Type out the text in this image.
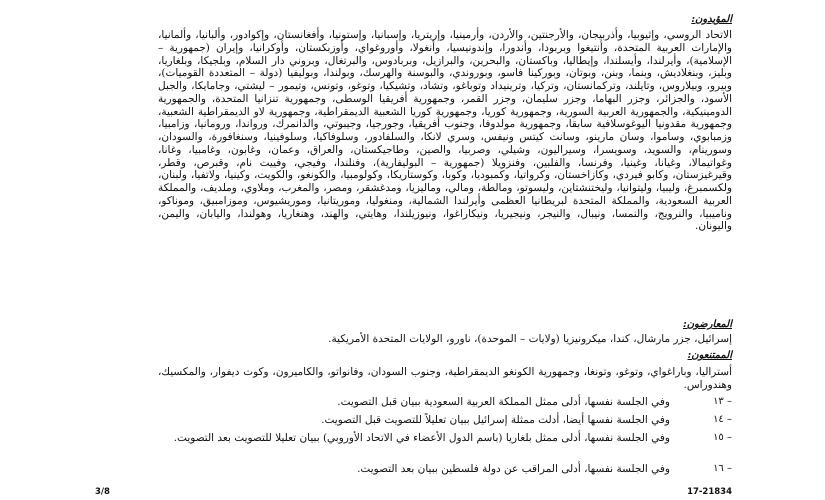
المؤيدون:

الاتحاد الروسي، وإثيوبيا، وأذربيجان، والأرجنتين، والأردن، وأرمينيا، وإريتريا، وإسبانيا، وإستونيا، وأفغانستان، وإكوادور، وألبانيا، وألمانيا، والإمارات العربية المتحدة، وأنتيغوا وبربودا، وأندورا، وإندونيسيا، وأنغولا، وأوروغواي، وأوزبكستان، وأوكرانيا، وإيران (جمهورية – الإسلامية)، وأيرلندا، وأيسلندا، وإيطاليا، وباكستان، والبحرين، والبرازيل، وبربادوس، والبرتغال، وبروني دار السلام، وبلجيكا، وبلغاريا، وبليز، وبنغلاديش، وبنما، وبنن، وبوتان، وبوركينا فاسو، وبوروندي، والبوسنة والهرسك، وبولندا، وبوليفيا (دولة – المتعددة القوميات)، وبيرو، وبيلاروس، وتايلند، وتركمانستان، وتركيا، وترينيداد وتوباغو، وتشاد، وتشيكيا، وتوغو، وتونس، وتيمور – ليشتي، وجامايكا، والجبل الأسود، والجزائر، وجزر البهاما، وجزر سليمان، وجزر القمر، وجمهورية أفريقيا الوسطى، وجمهورية تنزانيا المتحدة، والجمهورية الدومينيكية، والجمهورية العربية السورية، وجمهورية كوريا، وجمهورية كوريا الشعبية الديمقراطية، وجمهورية لاو الديمقراطية الشعبية، وجمهورية مقدونيا اليوغوسلافية سابقا، وجمهورية مولدوفا، وجنوب أفريقيا، وجورجيا، وجيبوتي، والدانمرك، ورواندا، ورومانيا، وزامبيا، وزمبابوي، وساموا، وسان مارينو، وسانت كيتس ونيفس، وسري لانكا، والسلفادور، وسلوفاكيا، وسلوفينيا، وسنغافورة، والسودان، وسورينام، والسويد، وسويسرا، وسيراليون، وشيلي، وصربيا، والصين، وطاجيكستان، والعراق، وعمان، وغابون، وغامبيا، وغانا، وغواتيمالا، وغيانا، وغينيا، وفرنسا، والفلبين، وفنزويلا (جمهورية – البوليفارية)، وفنلندا، وفيجي، وفييت نام، وقبرص، وقطر، وقيرغيزستان، وكابو فيردي، وكازاخستان، وكرواتيا، وكمبوديا، وكوبا، وكوستاريكا، وكولومبيا، والكونغو، والكويت، وكينيا، ولاتفيا، ولبنان، ولكسمبرغ، وليبيا، وليتوانيا، وليختنشتاين، وليسوتو، ومالطة، ومالي، وماليزيا، ومدغشقر، ومصر، والمغرب، وملاوي، وملديف، والمملكة العربية السعودية، والمملكة المتحدة لبريطانيا العظمى وأيرلندا الشمالية، ومنغوليا، وموريتانيا، وموريشيوس، وموزامبيق، وموناكو، وناميبيا، والنرويج، والنمسا، ونيبال، والنيجر، ونيجيريا، ونيكاراغوا، ونيوزيلندا، وهايتي، والهند، وهنغاريا، وهولندا، واليابان، واليمن، واليونان.

المعارضون:

إسرائيل، جزر مارشال، كندا، ميكرونيزيا (ولايات – الموحدة)، ناورو، الولايات المتحدة الأمريكية.

الممتنعون:

أستراليا، وباراغواي، وتوغو، وتونغا، وجمهورية الكونغو الديمقراطية، وجنوب السودان، وفانواتو، والكاميرون، وكوت ديفوار، والمكسيك، وهندوراس.

– ١٣
وفي الجلسة نفسها، أدلى ممثل المملكة العربية السعودية ببيان قبل التصويت.
– ١٤
وفي الجلسة نفسها أيضا، أدلت ممثلة إسرائيل ببيان تعليلاً للتصويت قبل التصويت.
– ١٥
وفي الجلسة نفسها، أدلى ممثل بلغاريا (باسم الدول الأعضاء في الاتحاد الأوروبي) ببيان تعليلا للتصويت بعد التصويت.
– ١٦
وفي الجلسة نفسها، أدلى المراقب عن دولة فلسطين ببيان بعد التصويت.
3/8	17-21834
